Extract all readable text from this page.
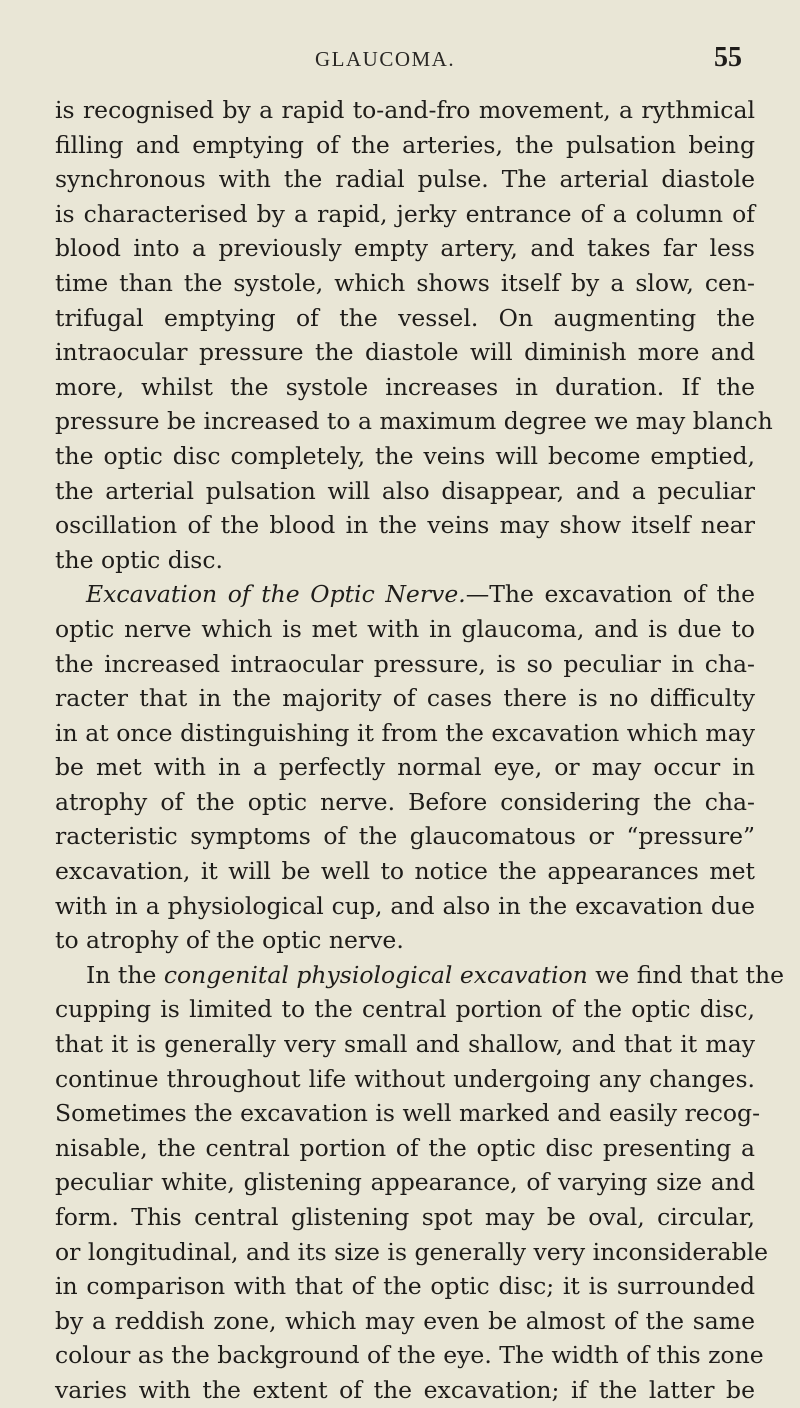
GLAUCOMA.	55
is recognised by a rapid to-and-fro movement, a rythmical
filling and emptying of the arteries, the pulsation being
synchronous with the radial pulse. The arterial diastole
is characterised by a rapid, jerky entrance of a column of
blood into a previously empty artery, and takes far less
time than the systole, which shows itself by a slow, cen-
trifugal emptying of the vessel. On augmenting the
intraocular pressure the diastole will diminish more and
more, whilst the systole increases in duration. If the
pressure be increased to a maximum degree we may blanch
the optic disc completely, the veins will become emptied,
the arterial pulsation will also disappear, and a peculiar
oscillation of the blood in the veins may show itself near
the optic disc.
Excavation of the Optic Nerve.—The excavation of the
optic nerve which is met with in glaucoma, and is due to
the increased intraocular pressure, is so peculiar in cha-
racter that in the majority of cases there is no difficulty
in at once distinguishing it from the excavation which may
be met with in a perfectly normal eye, or may occur in
atrophy of the optic nerve. Before considering the cha-
racteristic symptoms of the glaucomatous or “pressure”
excavation, it will be well to notice the appearances met
with in a physiological cup, and also in the excavation due
to atrophy of the optic nerve.
In the congenital physiological excavation we find that the
cupping is limited to the central portion of the optic disc,
that it is generally very small and shallow, and that it may
continue throughout life without undergoing any changes.
Sometimes the excavation is well marked and easily recog-
nisable, the central portion of the optic disc presenting a
peculiar white, glistening appearance, of varying size and
form. This central glistening spot may be oval, circular,
or longitudinal, and its size is generally very inconsiderable
in comparison with that of the optic disc; it is surrounded
by a reddish zone, which may even be almost of the same
colour as the background of the eye. The width of this zone
varies with the extent of the excavation; if the latter be
